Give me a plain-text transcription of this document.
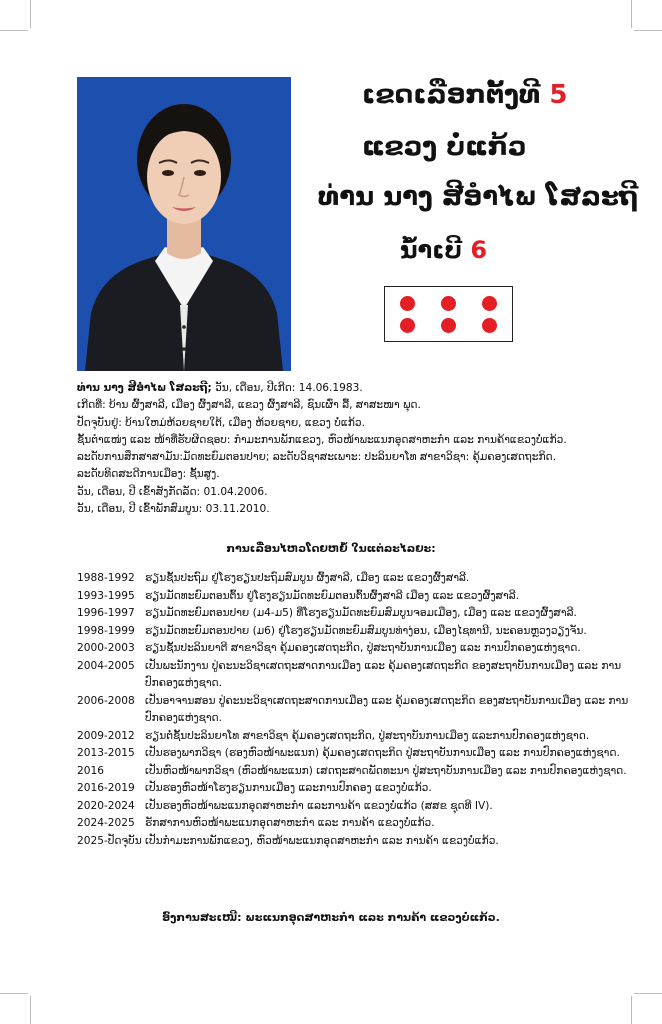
ເຂດເລືອກຕັ້ງທີ 5
ແຂວງ ບໍ່ແກ້ວ
ທ່ານ ນາງ ສີອໍາໄພ ໂສລະຖີ
ນໍ້າເບີ 6
ທ່ານ ນາງ ສີອໍາໄພ ໂສລະຖີ; ວັນ, ເດືອນ, ປີເກີດ: 14.06.1983.
ເກີດທີ່: ບ້ານ ຜົ້ງສາລີ, ເມືອງ ຜົ້ງສາລີ, ແຂວງ ຜົ້ງສາລີ, ຊົນເຜົ່າ ລື້, ສາສະໜາ ພຸດ.
ປັດຈຸບັນຢູ່: ບ້ານໃຫມ່ຫ້ວຍຊາຍໃຕ້, ເມືອງ ຫ້ວຍຊາຍ, ແຂວງ ບໍ່ແກ້ວ.
ຊັ້ນຕໍາແໜ່ງ ແລະ ໜ້າທີ່ຮັບຜິດຊອບ: ກໍາມະການພັກແຂວງ, ຫົວໜ້າພະແນກອຸດສາຫະກໍາ ແລະ ການຄ້າແຂວງບໍ່ແກ້ວ.
ລະດັບການສຶກສາສາມັນ:ມັດທະຍົມຕອນປາຍ; ລະດັບວິຊາສະເພາະ: ປະລິນຍາໂທ ສາຂາວິຊາ: ຄຸ້ມຄອງເສດຖະກິດ.
ລະດັບທິດສະດີການເມືອງ: ຊັ້ນສູງ.
ວັນ, ເດືອນ, ປີ ເຂົ້າສັງກັດລັດ: 01.04.2006.
ວັນ, ເດືອນ, ປີ ເຂົ້າພັກສົມບູນ: 03.11.2010.
ການເລື່ອນໄຫວໂດຍຫຍໍ້ ໃນແຕ່ລະໄລຍະ:
1988-1992 ຮຽນຊັ້ນປະຖົມ ຢູ່ໂຮງຮຽນປະຖົມສົມບູນ ຜົ້ງສາລີ, ເມືອງ ແລະ ແຂວງຜົ້ງສາລີ.
1993-1995 ຮຽນມັດທະຍົມຕອນຕົ້ນ ຢູ່ໂຮງຮຽນມັດທະຍົມຕອນຕົ້ນຜົ້ງສາລີ ເມືອງ ແລະ ແຂວງຜົ້ງສາລີ.
1996-1997 ຮຽນມັດທະຍົມຕອນປາຍ (ມ4-ມ5) ທີ່ໂຮງຮຽນມັດທະຍົມສົມບູນຈອມເມືອງ, ເມືອງ ແລະ ແຂວງຜົ້ງສາລີ.
1998-1999 ຮຽນມັດທະຍົມຕອນປາຍ (ມ6) ຢູ່ໂຮງຮຽນມັດທະຍົມສົມບູນທ່າງ່ອນ, ເມືອງໄຊທານີ, ນະຄອນຫຼວງວຽງຈັນ.
2000-2003 ຮຽນຊັ້ນປະລິນຍາຕີ ສາຂາວິຊາ ຄຸ້ມຄອງເສດຖະກິດ, ປູ່ສະຖາບັນການເມືອງ ແລະ ການປົກຄອງແຫ່ງຊາດ.
2004-2005 ເປັນພະນັກງານ ປູ່ຄະນະວິຊາເສດຖະສາດການເມືອງ ແລະ ຄຸ້ມຄອງເສດຖະກິດ ຂອງສະຖາບັນການເມືອງ ແລະ ການປົກຄອງແຫ່ງຊາດ.
2006-2008 ເປັນອາຈານສອນ ປູ່ຄະນະວິຊາເສດຖະສາດການເມືອງ ແລະ ຄຸ້ມຄອງເສດຖະກິດ ຂອງສະຖາບັນການເມືອງ ແລະ ການປົກຄອງແຫ່ງຊາດ.
2009-2012 ຮຽນຕໍ່ຊັ້ນປະລິນຍາໂທ ສາຂາວິຊາ ຄຸ້ມຄອງເສດຖະກິດ, ປູ່ສະຖາບັນການເມືອງ ແລະການປົກຄອງແຫ່ງຊາດ.
2013-2015 ເປັນຮອງພາກວິຊາ (ຮອງຫົວໜ້າພະແນກ) ຄຸ້ມຄອງເສດຖະກິດ ປູ່ສະຖາບັນການເມືອງ ແລະ ການປົກຄອງແຫ່ງຊາດ.
2016	ເປັນຫົວໜ້າພາກວິຊາ (ຫົວໜ້າພະແນກ) ເສດຖະສາດພັດທະນາ ປູ່ສະຖາບັນການເມືອງ ແລະ ການປົກຄອງແຫ່ງຊາດ.
2016-2019 ເປັນຮອງຫົວໜ້າໂຮງຮຽນການເມືອງ ແລະການປົກຄອງ ແຂວງບໍ່ແກ້ວ.
2020-2024 ເປັນຮອງຫົວໜ້າພະແນກອຸດສາຫະກໍາ ແລະການຄ້າ ແຂວງບໍ່ແກ້ວ (ສສຂ ຊຸດທີ IV).
2024-2025 ຮັກສາການຫົວໜ້າພະແນກອຸດສາຫະກໍາ ແລະ ການຄ້າ ແຂວງບໍ່ແກ້ວ.
2025-ປັດຈຸບັນ ເປັນກໍາມະການພັກແຂວງ, ຫົວໜ້າພະແນກອຸດສາຫະກໍາ ແລະ ການຄ້າ ແຂວງບໍ່ແກ້ວ.
ອົງການສະເໜີ: ພະແນກອຸດສາຫະກໍາ ແລະ ການຄ້າ ແຂວງບໍ່ແກ້ວ.
